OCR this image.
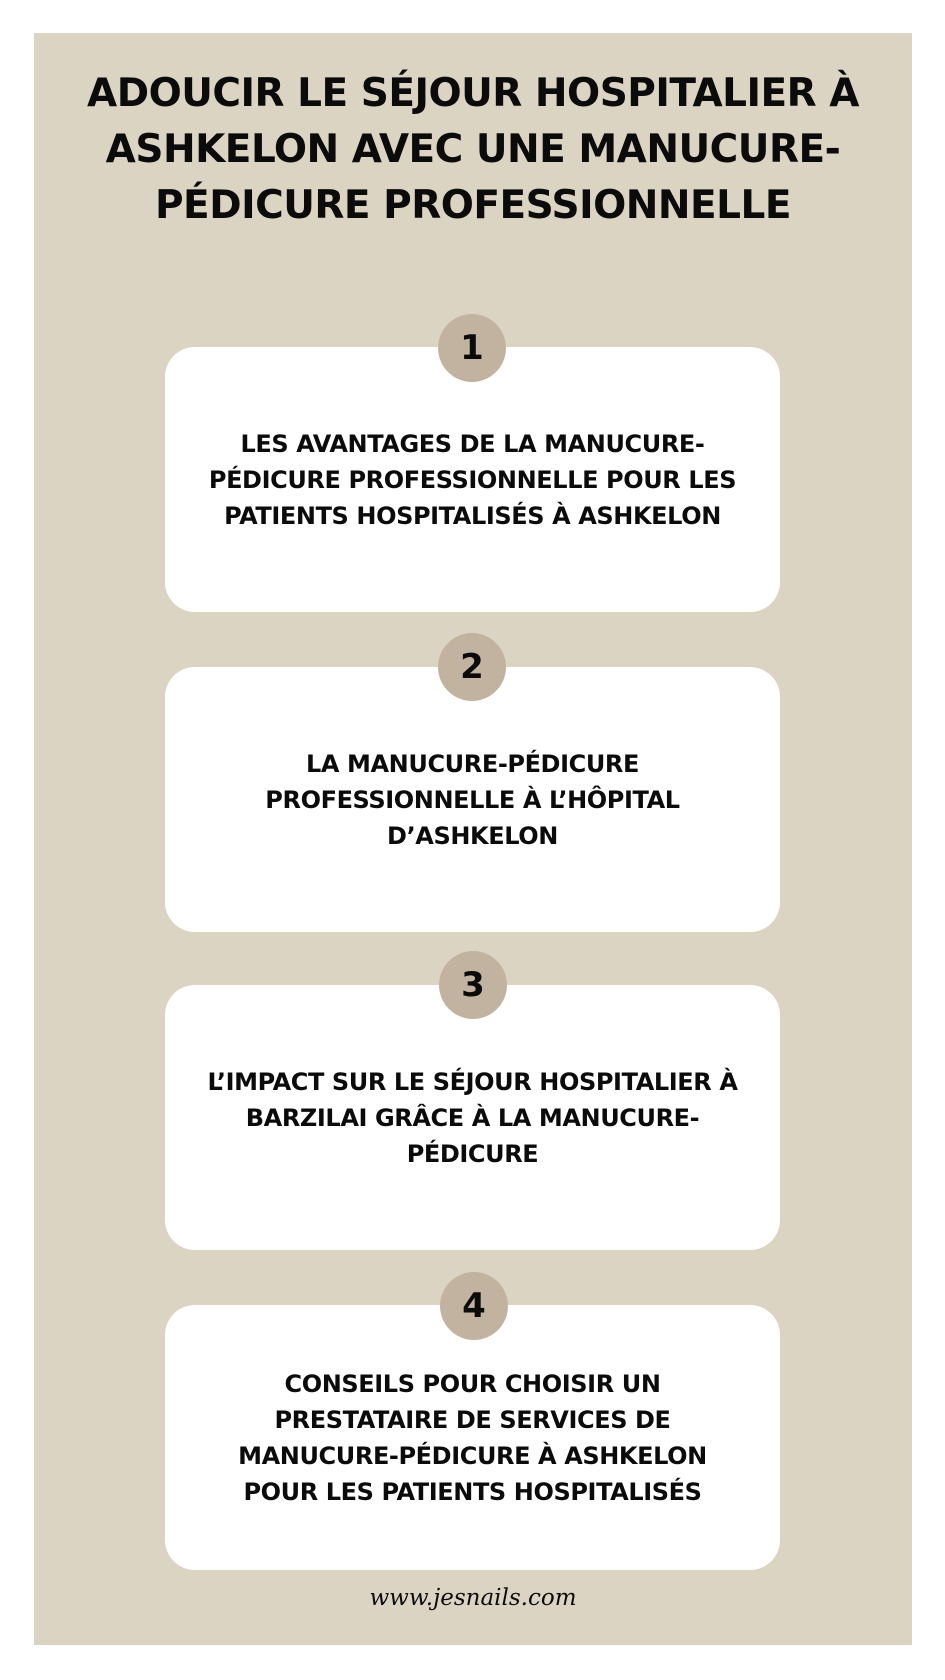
ADOUCIR LE SÉJOUR HOSPITALIER À ASHKELON AVEC UNE MANUCURE-PÉDICURE PROFESSIONNELLE
LES AVANTAGES DE LA MANUCURE-PÉDICURE PROFESSIONNELLE POUR LES PATIENTS HOSPITALISÉS À ASHKELON
1
LA MANUCURE-PÉDICURE PROFESSIONNELLE À L’HÔPITAL D’ASHKELON
2
L’IMPACT SUR LE SÉJOUR HOSPITALIER À BARZILAI GRÂCE À LA MANUCURE-PÉDICURE
3
CONSEILS POUR CHOISIR UN PRESTATAIRE DE SERVICES DE MANUCURE-PÉDICURE À ASHKELON POUR LES PATIENTS HOSPITALISÉS
4
www.jesnails.com
